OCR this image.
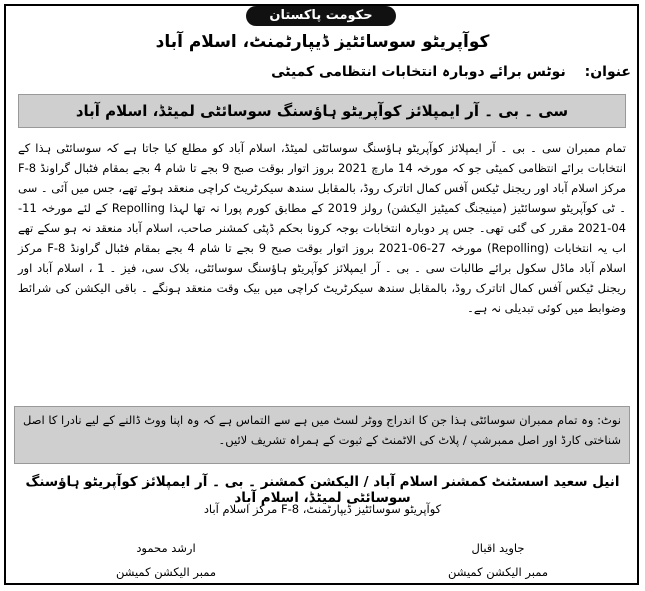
حکومت پاکستان
کوآپریٹو سوسائٹیز ڈیپارٹمنٹ، اسلام آباد
عنوان: نوٹس برائے دوبارہ انتخابات انتظامی کمیٹی
سی ۔ بی ۔ آر ایمپلائز کوآپریٹو ہاؤسنگ سوسائٹی لمیٹڈ، اسلام آباد
تمام ممبران سی ۔ بی ۔ آر ایمپلائز کوآپریٹو ہاؤسنگ سوسائٹی لمیٹڈ، اسلام آباد کو مطلع کیا جاتا ہے کہ سوسائٹی ہذا کے انتخابات برائے انتظامی کمیٹی جو کہ مورخہ 14 مارچ 2021 بروز اتوار بوقت صبح 9 بجے تا شام 4 بجے بمقام فٹبال گراونڈ F-8 مرکز اسلام آباد اور ریجنل ٹیکس آفس کمال اتاترک روڈ، بالمقابل سندھ سیکرٹریٹ کراچی منعقد ہوئے تھے، جس میں آئی ۔ سی ۔ ٹی کوآپریٹو سوسائٹیز (مینیجنگ کمیٹیز الیکشن) رولز 2019 کے مطابق کورم پورا نہ تھا لہذا Repolling کے لئے مورخہ 11-04-2021 مقرر کی گئی تھی۔ جس پر دوبارہ انتخابات بوجہ کرونا بحکم ڈپٹی کمشنر صاحب، اسلام آباد منعقد نہ ہو سکے تھے اب یہ انتخابات (Repolling) مورخہ 27-06-2021 بروز اتوار بوقت صبح 9 بجے تا شام 4 بجے بمقام فٹبال گراونڈ F-8 مرکز اسلام آباد ماڈل سکول برائے طالبات سی ۔ بی ۔ آر ایمپلائز کوآپریٹو ہاؤسنگ سوسائٹی، بلاک سی، فیز ۔ 1 ، اسلام آباد اور ریجنل ٹیکس آفس کمال اتاترک روڈ، بالمقابل سندھ سیکرٹریٹ کراچی میں بیک وقت منعقد ہونگے ۔ باقی الیکشن کی شرائط وضوابط میں کوئی تبدیلی نہ ہے۔
نوٹ: وہ تمام ممبران سوسائٹی ہذا جن کا اندراج ووٹر لسٹ میں ہے سے التماس ہے کہ وہ اپنا ووٹ ڈالنے کے لیے نادرا کا اصل شناختی کارڈ اور اصل ممبرشپ / پلاٹ کی الاٹمنٹ کے ثبوت کے ہمراہ تشریف لائیں۔
انیل سعید اسسٹنٹ کمشنر اسلام آباد / الیکشن کمشنر ۔ بی ۔ آر ایمپلائز کوآپریٹو ہاؤسنگ سوسائٹی لمیٹڈ، اسلام آباد
کوآپریٹو سوسائٹیز ڈیپارٹمنٹ، F-8 مرکز اسلام آباد
جاوید اقبال
ممبر الیکشن کمیشن
ارشد محمود
ممبر الیکشن کمیشن
